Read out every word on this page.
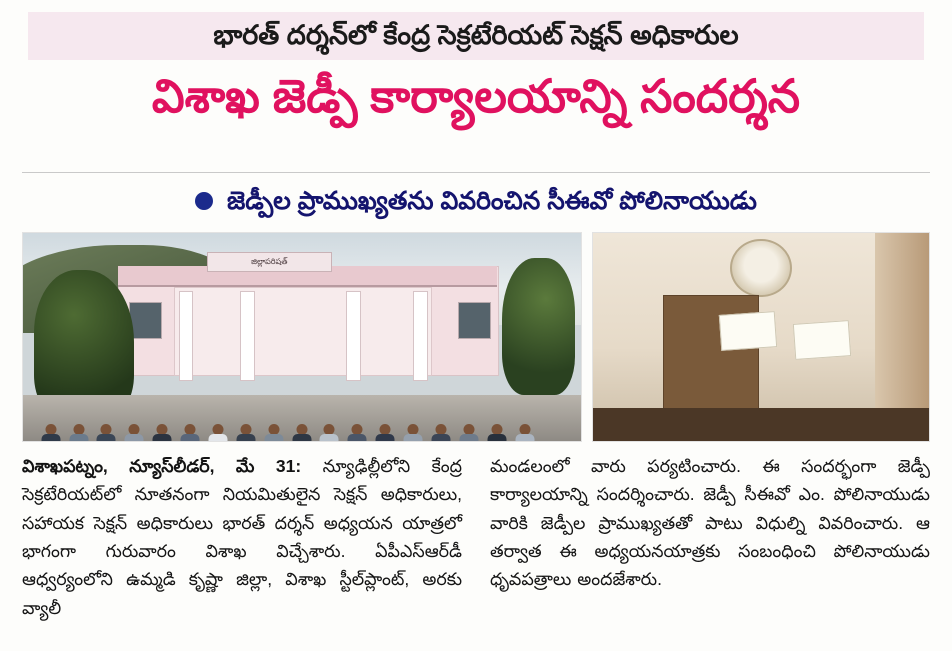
భారత్ దర్శన్‌లో కేంద్ర సెక్రటేరియట్ సెక్షన్ అధికారుల
విశాఖ జెడ్పీ కార్యాలయాన్ని సందర్శన
జెడ్పీల ప్రాముఖ్యతను వివరించిన సీఈవో పోలినాయుడు
జిల్లాపరిషత్
విశాఖపట్నం, న్యూస్‌లీడర్, మే 31: న్యూఢిల్లీలోని కేంద్ర సెక్రటేరియట్‌లో నూతనంగా నియమితులైన సెక్షన్ అధికారులు, సహాయక సెక్షన్ అధికారులు భారత్ దర్శన్ అధ్యయన యాత్రలో భాగంగా గురువారం విశాఖ విచ్చేశారు. ఏపీఎస్‌ఆర్‌డీ ఆధ్వర్యంలోని ఉమ్మడి కృష్ణా జిల్లా, విశాఖ స్టీల్‌ప్లాంట్, అరకు వ్యాలీ
మండలంలో వారు పర్యటించారు. ఈ సందర్భంగా జెడ్పీ కార్యాలయాన్ని సందర్శించారు. జెడ్పీ సీఈవో ఎం. పోలినాయుడు వారికి జెడ్పీల ప్రాముఖ్యతతో పాటు విధుల్ని వివరించారు. ఆ తర్వాత ఈ అధ్యయనయాత్రకు సంబంధించి పోలినాయుడు ధృవపత్రాలు అందజేశారు.
